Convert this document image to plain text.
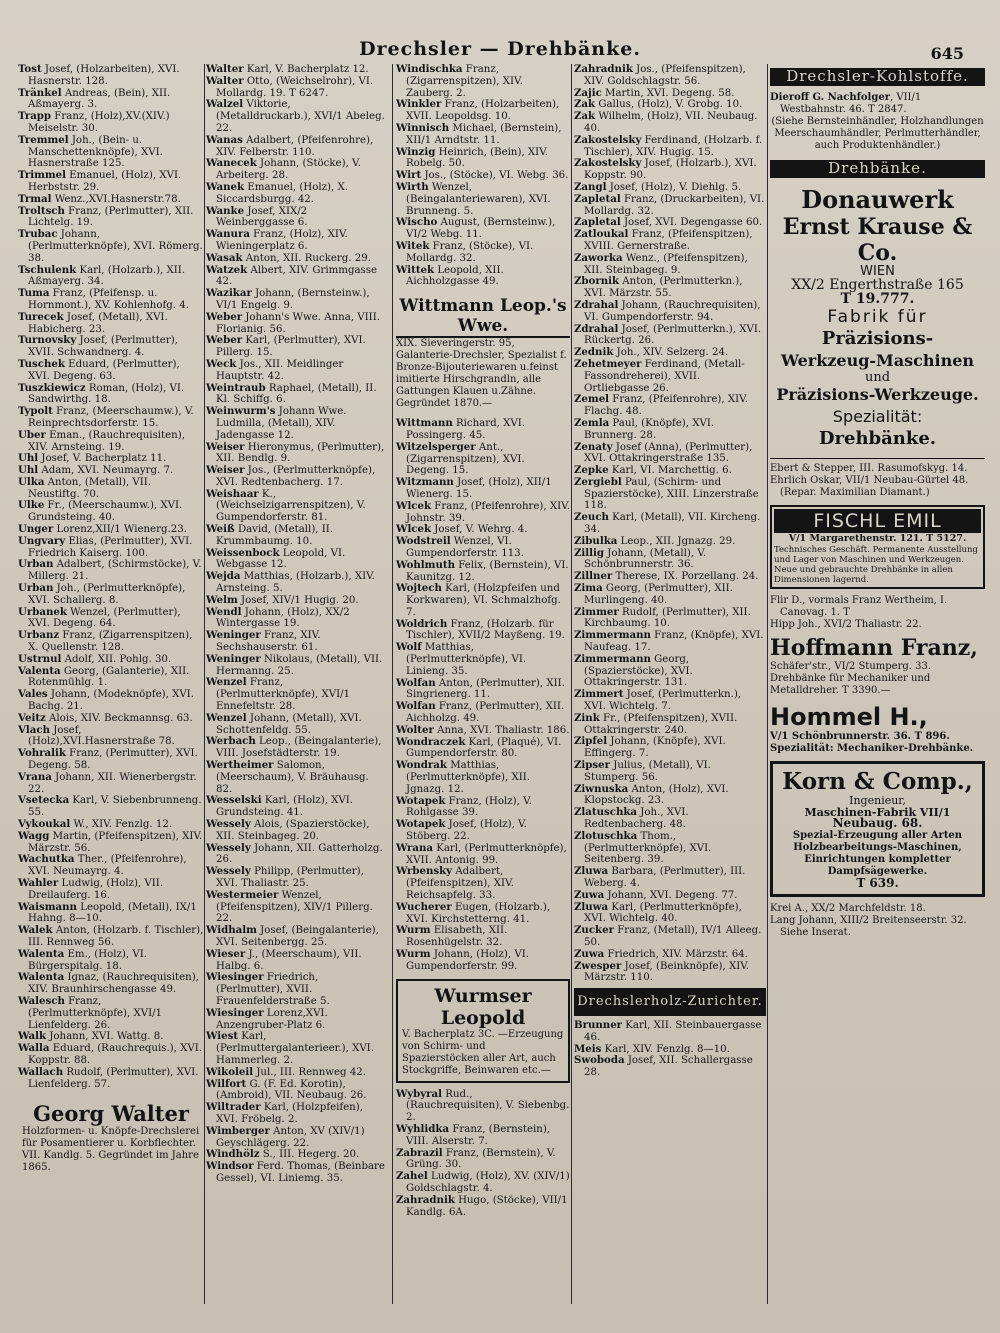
Drechsler — Drehbänke.	645
Tost Josef, (Holzarbeiten), XVI. Hasnerstr. 128.
Tränkel Andreas, (Bein), XII. Aßmayerg. 3.
Trapp Franz, (Holz),XV.(XIV.) Meiselstr. 30.
Tremmel Joh., (Bein- u. Manschettenknöpfe), XVI. Hasnerstraße 125.
Trimmel Emanuel, (Holz), XVI. Herbststr. 29.
Trmal Wenz.,XVI.Hasnerstr.78.
Troltsch Franz, (Perlmutter), XII. Lichtelg. 19.
Trubac Johann, (Perlmutterknöpfe), XVI. Römerg. 38.
Tschulenk Karl, (Holzarb.), XII. Aßmayerg. 34.
Tuma Franz, (Pfeifensp. u. Hornmont.), XV. Kohlenhofg. 4.
Turecek Josef, (Metall), XVI. Habicherg. 23.
Turnovsky Josef, (Perlmutter), XVII. Schwandnerg. 4.
Tuschek Eduard, (Perlmutter), XVI. Degeng. 63.
Tuszkiewicz Roman, (Holz), VI. Sandwirthg. 18.
Typolt Franz, (Meerschaumw.), V. Reinprechtsdorferstr. 15.
Uber Eman., (Rauchrequisiten), XIV. Arnsteing. 19.
Uhl Josef, V. Bacherplatz 11.
Uhl Adam, XVI. Neumayrg. 7.
Ulka Anton, (Metall), VII. Neustiftg. 70.
Ulke Fr., (Meerschaumw.), XVI. Grundsteing. 40.
Unger Lorenz,XII/1 Wienerg.23.
Ungvary Elias, (Perlmutter), XVI. Friedrich Kaiserg. 100.
Urban Adalbert, (Schirmstöcke), V. Millerg. 21.
Urban Joh., (Perlmutterknöpfe), XVI. Schallerg. 8.
Urbanek Wenzel, (Perlmutter), XVI. Degeng. 64.
Urbanz Franz, (Zigarrenspitzen), X. Quellenstr. 128.
Ustrnul Adolf, XII. Pohlg. 30.
Valenta Georg, (Galanterie), XII. Rotenmühlg. 1.
Vales Johann, (Modeknöpfe), XVI. Bachg. 21.
Veitz Alois, XIV. Beckmannsg. 63.
Vlach Josef, (Holz),XVI.Hasnerstraße 78.
Vohralik Franz, (Perlmutter), XVI. Degeng. 58.
Vrana Johann, XII. Wienerbergstr. 22.
Vsetecka Karl, V. Siebenbrunneng. 55.
Vykoukal W., XIV. Fenzlg. 12.
Wagg Martin, (Pfeifenspitzen), XIV. Märzstr. 56.
Wachutka Ther., (Pfeifenrohre), XVI. Neumayrg. 4.
Wahler Ludwig, (Holz), VII. Dreilauferg. 16.
Waismann Leopold, (Metall), IX/1 Hahng. 8—10.
Walek Anton, (Holzarb. f. Tischler), III. Rennweg 56.
Walenta Em., (Holz), VI. Bürgerspitalg. 18.
Walenta Ignaz, (Rauchrequisiten), XIV. Braunhirschengasse 49.
Walesch Franz, (Perlmutterknöpfe), XVI/1 Lienfelderg. 26.
Walk Johann, XVI. Wattg. 8.
Walla Eduard, (Rauchrequis.), XVI. Koppstr. 88.
Wallach Rudolf, (Perlmutter), XVI. Lienfelderg. 57.
Georg Walter
Holzformen- u. Knöpfe-Drechslerei für Posamentierer u. Korbflechter. VII. Kandlg. 5. Gegründet im Jahre 1865.
Walter Karl, V. Bacherplatz 12.
Walter Otto, (Weichselrohr), VI. Mollardg. 19. T 6247.
Walzel Viktorie, (Metalldruckarb.), XVI/1 Abeleg. 22.
Wanas Adalbert, (Pfeifenrohre), XIV. Felberstr. 110.
Wanecek Johann, (Stöcke), V. Arbeiterg. 28.
Wanek Emanuel, (Holz), X. Siccardsburgg. 42.
Wanke Josef, XIX/2 Weinberggasse 6.
Wanura Franz, (Holz), XIV. Wieningerplatz 6.
Wasak Anton, XII. Ruckerg. 29.
Watzek Albert, XIV. Grimmgasse 42.
Wazikar Johann, (Bernsteinw.), VI/1 Engelg. 9.
Weber Johann's Wwe. Anna, VIII. Florianig. 56.
Weber Karl, (Perlmutter), XVI. Pillerg. 15.
Weck Jos., XII. Meidlinger Hauptstr. 42.
Weintraub Raphael, (Metall), II. Kl. Schiffg. 6.
Weinwurm's Johann Wwe. Ludmilla, (Metall), XIV. Jadengasse 12.
Weiser Hieronymus, (Perlmutter), XII. Bendlg. 9.
Weiser Jos., (Perlmutterknöpfe), XVI. Redtenbacherg. 17.
Weishaar K., (Weichselzigarrenspitzen), V. Gumpendorferstr. 81.
Weiß David, (Metall), II. Krummbaumg. 10.
Weissenbock Leopold, VI. Webgasse 12.
Wejda Matthias, (Holzarb.), XIV. Arnsteing. 5.
Welm Josef, XIV/1 Hugig. 20.
Wendl Johann, (Holz), XX/2 Wintergasse 19.
Weninger Franz, XIV. Sechshauserstr. 61.
Weninger Nikolaus, (Metall), VII. Hermanng. 25.
Wenzel Franz, (Perlmutterknöpfe), XVI/1 Ennefeltstr. 28.
Wenzel Johann, (Metall), XVI. Schottenfeldg. 55.
Werbach Leop., (Beingalanterie), VIII. Josefstädterstr. 19.
Wertheimer Salomon, (Meerschaum), V. Bräuhausg. 82.
Wesselski Karl, (Holz), XVI. Grundsteing. 41.
Wessely Alois, (Spazierstöcke), XII. Steinbageg. 20.
Wessely Johann, XII. Gatterholzg. 26.
Wessely Philipp, (Perlmutter), XVI. Thaliastr. 25.
Westermeier Wenzel, (Pfeifenspitzen), XIV/1 Pillerg. 22.
Widhalm Josef, (Beingalanterie), XVI. Seitenbergg. 25.
Wieser J., (Meerschaum), VII. Halbg. 6.
Wiesinger Friedrich, (Perlmutter), XVII. Frauenfelderstraße 5.
Wiesinger Lorenz,XVI. Anzengruber-Platz 6.
Wiest Karl, (Perlmuttergalanterieer.), XVI. Hammerleg. 2.
Wikoleil Jul., III. Rennweg 42.
Wilfort G. (F. Ed. Korotin), (Ambroid), VII. Neubaug. 26.
Wiltrader Karl, (Holzpfeifen), XVI. Fröbelg. 2.
Wimberger Anton, XV (XIV/1) Geyschlägerg. 22.
Windhölz S., III. Hegerg. 20.
Windsor Ferd. Thomas, (Beinbare Gessel), VI. Liniemg. 35.
Windischka Franz, (Zigarrenspitzen), XIV. Zauberg. 2.
Winkler Franz, (Holzarbeiten), XVII. Leopoldsg. 10.
Winnisch Michael, (Bernstein), XII/1 Arndtstr. 11.
Winzig Heinrich, (Bein), XIV. Robelg. 50.
Wirt Jos., (Stöcke), VI. Webg. 36.
Wirth Wenzel, (Beingalanteriewaren), XVI. Brunneng. 5.
Wischo August, (Bernsteinw.), VI/2 Webg. 11.
Witek Franz, (Stöcke), VI. Mollardg. 32.
Wittek Leopold, XII. Aichholzgasse 49.
Wittmann Leop.'s Wwe.
XIX. Sieveringerstr. 95, Galanterie-Drechsler, Spezialist f. Bronze-Bijouteriewaren u.feinst imitierte Hirschgrandln, alle Gattungen Klauen u.Zähne. Gegründet 1870.—
Wittmann Richard, XVI. Possingerg. 45.
Witzelsperger Ant., (Zigarrenspitzen), XVI. Degeng. 15.
Witzmann Josef, (Holz), XII/1 Wienerg. 15.
Wlcek Franz, (Pfeifenrohre), XIV. Johnstr. 39.
Wlcek Josef, V. Wehrg. 4.
Wodstreil Wenzel, VI. Gumpendorferstr. 113.
Wohlmuth Felix, (Bernstein), VI. Kaunitzg. 12.
Wojtech Karl, (Holzpfeifen und Korkwaren), VI. Schmalzhofg. 7.
Woldrich Franz, (Holzarb. für Tischler), XVII/2 Mayßeng. 19.
Wolf Matthias, (Perlmutterknöpfe), VI. Linieng. 35.
Wolfan Anton, (Perlmutter), XII. Singrienerg. 11.
Wolfan Franz, (Perlmutter), XII. Aichholzg. 49.
Wolter Anna, XVI. Thaliastr. 186.
Wondraczek Karl, (Plaqué), VI. Gumpendorferstr. 80.
Wondrak Matthias, (Perlmutterknöpfe), XII. Jgnazg. 12.
Wotapek Franz, (Holz), V. Rohlgasse 39.
Wotapek Josef, (Holz), V. Stöberg. 22.
Wrana Karl, (Perlmutterknöpfe), XVII. Antonig. 99.
Wrbensky Adalbert, (Pfeifenspitzen), XIV. Reichsapfelg. 33.
Wucherer Eugen, (Holzarb.), XVI. Kirchstetterng. 41.
Wurm Elisabeth, XII. Rosenhügelstr. 32.
Wurm Johann, (Holz), VI. Gumpendorferstr. 99.
Wurmser Leopold
V. Bacherplatz 3C. —Erzeugung von Schirm- und Spazierstöcken aller Art, auch Stockgriffe, Beinwaren etc.—
Wybyral Rud., (Rauchrequisiten), V. Siebenbg. 2.
Wyhlidka Franz, (Bernstein), VIII. Alserstr. 7.
Zabrazil Franz, (Bernstein), V. Grüng. 30.
Zahel Ludwig, (Holz), XV. (XIV/1) Goldschlagstr. 4.
Zahradnik Hugo, (Stöcke), VII/1 Kandlg. 6A.
Zahradnik Jos., (Pfeifenspitzen), XIV. Goldschlagstr. 56.
Zajic Martin, XVI. Degeng. 58.
Zak Gallus, (Holz), V. Grobg. 10.
Zak Wilhelm, (Holz), VII. Neubaug. 40.
Zakostelsky Ferdinand, (Holzarb. f. Tischler), XIV. Hugig. 15.
Zakostelsky Josef, (Holzarb.), XVI. Koppstr. 90.
Zangl Josef, (Holz), V. Diehlg. 5.
Zapletal Franz, (Druckarbeiten), VI. Mollardg. 32.
Zapletal Josef, XVI. Degengasse 60.
Zatloukal Franz, (Pfeifenspitzen), XVIII. Gernerstraße.
Zaworka Wenz., (Pfeifenspitzen), XII. Steinbageg. 9.
Zbornik Anton, (Perlmutterkn.), XVI. Märzstr. 55.
Zdrahal Johann, (Rauchrequisiten), VI. Gumpendorferstr. 94.
Zdrahal Josef, (Perlmutterkn.), XVI. Rückertg. 26.
Zednik Joh., XIV. Selzerg. 24.
Zehetmeyer Ferdinand, (Metall-Fassondreherei), XVII. Ortliebgasse 26.
Zemel Franz, (Pfeifenrohre), XIV. Flachg. 48.
Zemla Paul, (Knöpfe), XVI. Brunnerg. 28.
Zenaty Josef (Anna), (Perlmutter), XVI. Ottakringerstraße 135.
Zepke Karl, VI. Marchettig. 6.
Zergiebl Paul, (Schirm- und Spazierstöcke), XIII. Linzerstraße 118.
Zeuch Karl, (Metall), VII. Kircheng. 34.
Zibulka Leop., XII. Jgnazg. 29.
Zillig Johann, (Metall), V. Schönbrunnerstr. 36.
Zillner Therese, IX. Porzellang. 24.
Zima Georg, (Perlmutter), XII. Murlingeng. 40.
Zimmer Rudolf, (Perlmutter), XII. Kirchbaumg. 10.
Zimmermann Franz, (Knöpfe), XVI. Naufeag. 17.
Zimmermann Georg, (Spazierstöcke), XVI. Ottakringerstr. 131.
Zimmert Josef, (Perlmutterkn.), XVI. Wichtelg. 7.
Zink Fr., (Pfeifenspitzen), XVII. Ottakringerstr. 240.
Zipfel Johann, (Knöpfe), XVI. Effingerg. 7.
Zipser Julius, (Metall), VI. Stumperg. 56.
Ziwnuska Anton, (Holz), XVI. Klopstockg. 23.
Zlatuschka Joh., XVI. Redtenbacherg. 48.
Zlotuschka Thom., (Perlmutterknöpfe), XVI. Seitenberg. 39.
Zluwa Barbara, (Perlmutter), III. Weberg. 4.
Zuwa Johann, XVI. Degeng. 77.
Zluwa Karl, (Perlmutterknöpfe), XVI. Wichtelg. 40.
Zucker Franz, (Metall), IV/1 Alleeg. 50.
Zuwa Friedrich, XIV. Märzstr. 64.
Zwesper Josef, (Beinknöpfe), XIV. Märzstr. 110.
Drechslerholz-Zurichter.
Brunner Karl, XII. Steinbauergasse 46.
Meis Karl, XIV. Fenzlg. 8—10.
Swoboda Josef, XII. Schallergasse 28.
Drechsler-Kohlstoffe.
Dieroff G. Nachfolger, VII/1 Westbahnstr. 46. T 2847.
(Siehe Bernsteinhändler, Holzhandlungen Meerschaumhändler, Perlmutterhändler, auch Produktenhändler.)
Drehbänke.
Donauwerk
Ernst Krause & Co.
WIEN
XX/2 Engerthstraße 165
T 19.777.
Fabrik für
Präzisions-
Werkzeug-Maschinen
und
Präzisions-Werkzeuge.
Spezialität:
Drehbänke.
Ebert & Stepper, III. Rasumofskyg. 14.
Ehrlich Oskar, VII/1 Neubau-Gürtel 48. (Repar. Maximilian Diamant.)
FISCHL EMIL
V/1 Margarethenstr. 121. T 5127.
Technisches Geschäft. Permanente Ausstellung und Lager von Maschinen und Werkzeugen. Neue und gebrauchte Drehbänke in allen Dimensionen lagernd.
Flir D., vormals Franz Wertheim, I. Canovag. 1. T
Hipp Joh., XVI/2 Thaliastr. 22.
Hoffmann Franz,
Schäfer'str., VI/2 Stumperg. 33. Drehbänke für Mechaniker und Metalldreher. T 3390.—
Hommel H.,
V/1 Schönbrunnerstr. 36. T 896. Spezialität: Mechaniker-Drehbänke.
Korn & Comp.,
Ingenieur,
Maschinen-Fabrik VII/1
Neubaug. 68.
Spezial-Erzeugung aller Arten Holzbearbeitungs-Maschinen, Einrichtungen kompletter Dampfsägewerke.
T 639.
Krei A., XX/2 Marchfeldstr. 18.
Lang Johann, XIII/2 Breitenseerstr. 32. Siehe Inserat.
